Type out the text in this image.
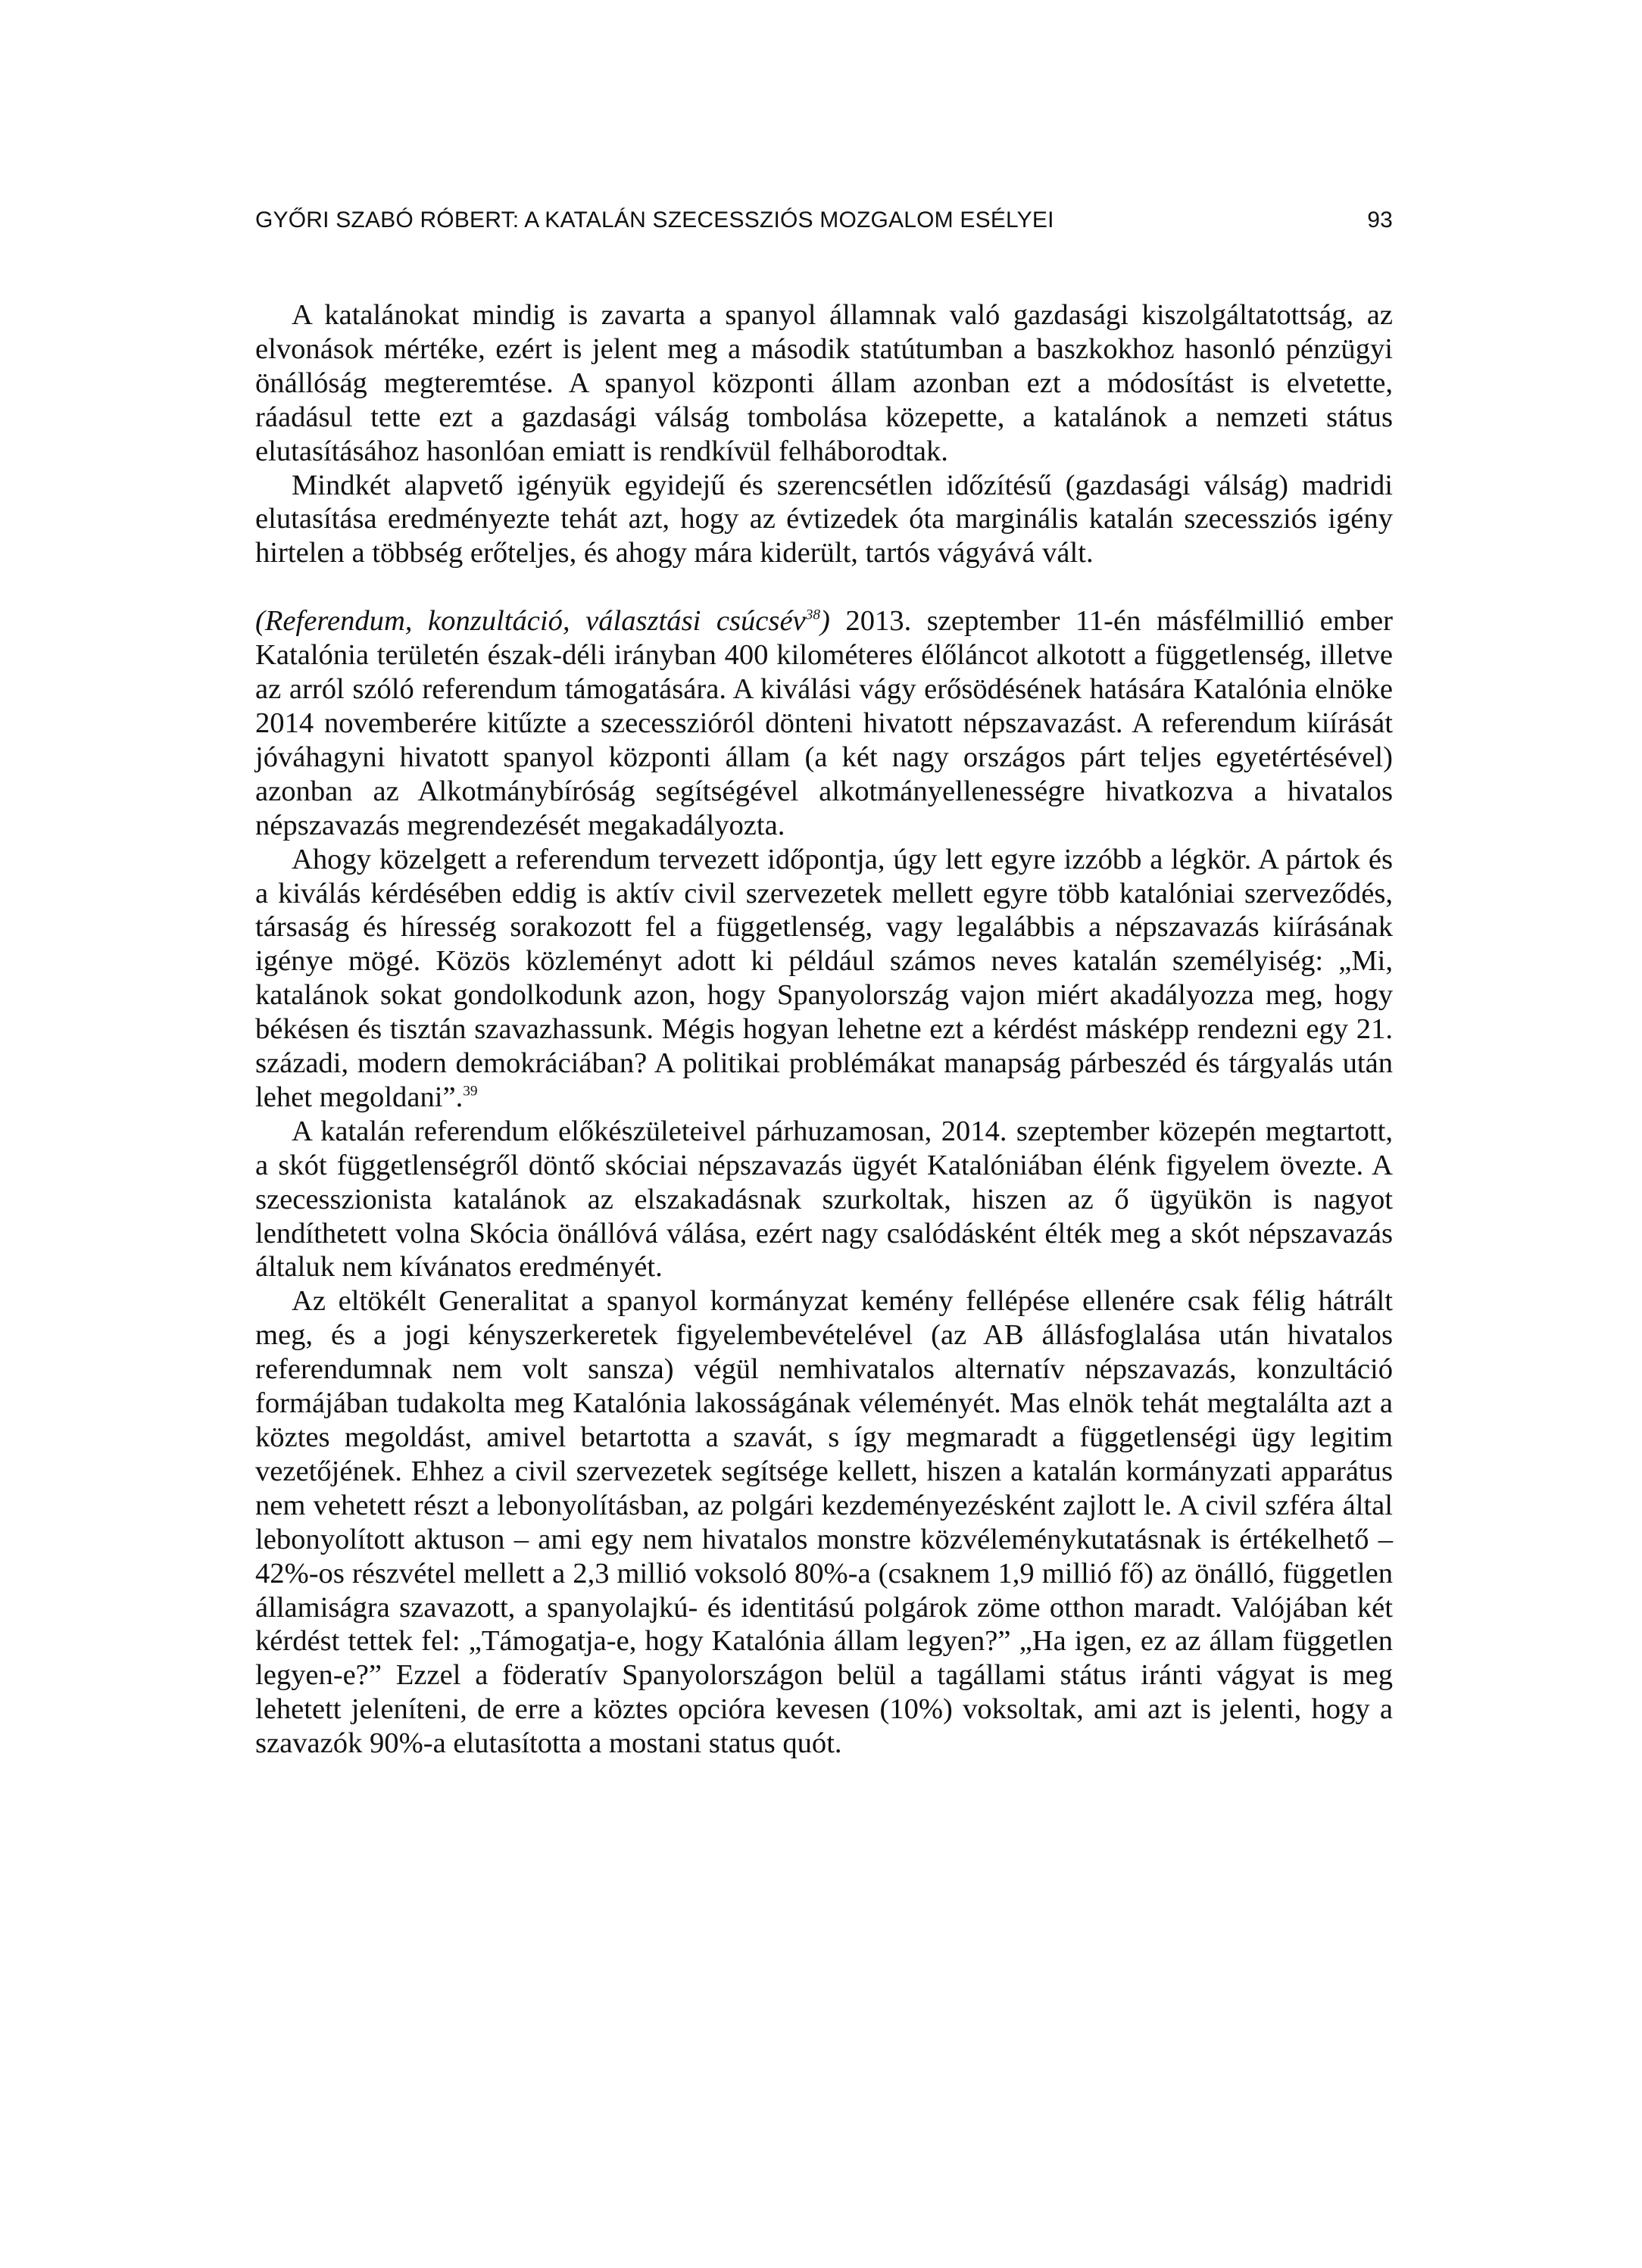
GYŐRI SZABÓ RÓBERT: A KATALÁN SZECESSZIÓS MOZGALOM ESÉLYEI	93

A katalánokat mindig is zavarta a spanyol államnak való gazdasági kiszolgáltatottság, az elvonások mértéke, ezért is jelent meg a második statútumban a baszkokhoz hasonló pénzügyi önállóság megteremtése. A spanyol központi állam azonban ezt a módosítást is elvetette, ráadásul tette ezt a gazdasági válság tombolása közepette, a katalánok a nemzeti státus elutasításához hasonlóan emiatt is rendkívül felháborodtak.

Mindkét alapvető igényük egyidejű és szerencsétlen időzítésű (gazdasági válság) madridi elutasítása eredményezte tehát azt, hogy az évtizedek óta marginális katalán szecessziós igény hirtelen a többség erőteljes, és ahogy mára kiderült, tartós vágyává vált.

(Referendum, konzultáció, választási csúcsév$^{38}$) 2013. szeptember 11-én másfélmillió ember Katalónia területén észak-déli irányban 400 kilométeres élőláncot alkotott a függetlenség, illetve az arról szóló referendum támogatására. A kiválási vágy erősödésének hatására Katalónia elnöke 2014 novemberére kitűzte a szecesszióról dönteni hivatott népszavazást. A referendum kiírását jóváhagyni hivatott spanyol központi állam (a két nagy országos párt teljes egyetértésével) azonban az Alkotmánybíróság segítségével alkotmányellenességre hivatkozva a hivatalos népszavazás megrendezését megakadályozta.

Ahogy közelgett a referendum tervezett időpontja, úgy lett egyre izzóbb a légkör. A pártok és a kiválás kérdésében eddig is aktív civil szervezetek mellett egyre több katalóniai szerveződés, társaság és híresség sorakozott fel a függetlenség, vagy legalábbis a népszavazás kiírásának igénye mögé. Közös közleményt adott ki például számos neves katalán személyiség: „Mi, katalánok sokat gondolkodunk azon, hogy Spanyolország vajon miért akadályozza meg, hogy békésen és tisztán szavazhassunk. Mégis hogyan lehetne ezt a kérdést másképp rendezni egy 21. századi, modern demokráciában? A politikai problémákat manapság párbeszéd és tárgyalás után lehet megoldani”.$^{39}$

A katalán referendum előkészületeivel párhuzamosan, 2014. szeptember közepén megtartott, a skót függetlenségről döntő skóciai népszavazás ügyét Katalóniában élénk figyelem övezte. A szecesszionista katalánok az elszakadásnak szurkoltak, hiszen az ő ügyükön is nagyot lendíthetett volna Skócia önállóvá válása, ezért nagy csalódásként élték meg a skót népszavazás általuk nem kívánatos eredményét.

Az eltökélt Generalitat a spanyol kormányzat kemény fellépése ellenére csak félig hátrált meg, és a jogi kényszerkeretek figyelembevételével (az AB állásfoglalása után hivatalos referendumnak nem volt sansza) végül nemhivatalos alternatív népszavazás, konzultáció formájában tudakolta meg Katalónia lakosságának véleményét. Mas elnök tehát megtalálta azt a köztes megoldást, amivel betartotta a szavát, s így megmaradt a függetlenségi ügy legitim vezetőjének. Ehhez a civil szervezetek segítsége kellett, hiszen a katalán kormányzati apparátus nem vehetett részt a lebonyolításban, az polgári kezdeményezésként zajlott le. A civil szféra által lebonyolított aktuson – ami egy nem hivatalos monstre közvéleménykutatásnak is értékelhető – 42%-os részvétel mellett a 2,3 millió voksoló 80%-a (csaknem 1,9 millió fő) az önálló, független államiságra szavazott, a spanyolajkú- és identitású polgárok zöme otthon maradt. Valójában két kérdést tettek fel: „Támogatja-e, hogy Katalónia állam legyen?” „Ha igen, ez az állam független legyen-e?” Ezzel a föderatív Spanyolországon belül a tagállami státus iránti vágyat is meg lehetett jeleníteni, de erre a köztes opcióra kevesen (10%) voksoltak, ami azt is jelenti, hogy a szavazók 90%-a elutasította a mostani status quót.
